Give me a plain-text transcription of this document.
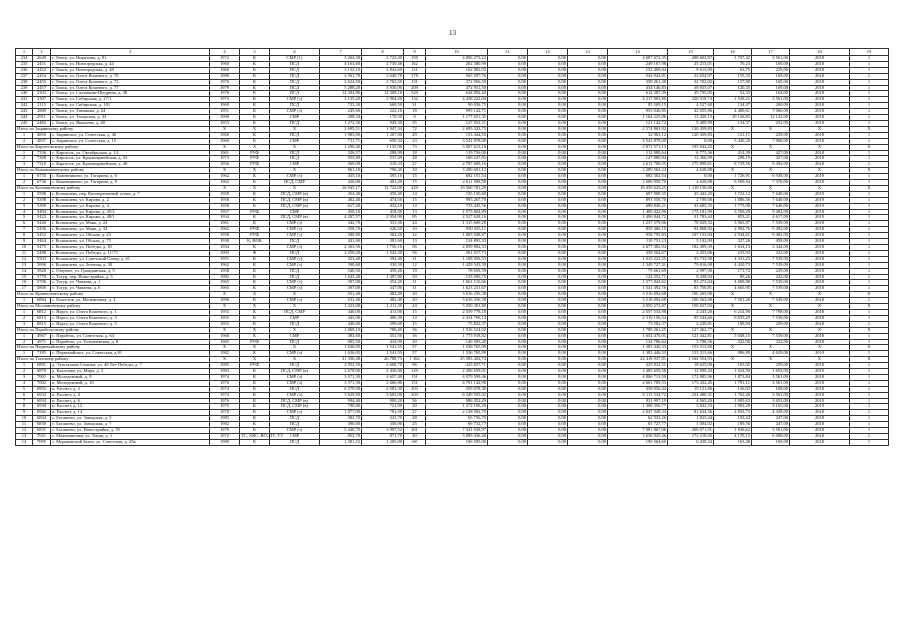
13
1	2	3	4	5	6	7	8	9	10	11	12	13	14	15	16	17	18	19
234	2649	г. Томск, ул. Никитина, д. 81	1972	К	СМР (1)	3 264,30	2 723,40	150	4 896 275,22	0,00	0,00	0,00	4 687 672,35	208 602,87	1 797,42	3 561,00	2018	1
235	2451	г. Томск, ул. Новгородская, д. 44	1960	К	ПСД	4 163,60	2 730,46	162	262 380,99	0,00	0,00	0,00	249 167,98	25 213,01	70,23	169,00	2018	1
236	2452	г. Томск, ул. Новгородская, д. 48	1960	К	ПСД	3 132,10	2 842,60	121	162 082,03	0,00	0,00	0,00	152 469,04	9 613,09	63,75	229,00	2018	1
237	2454	г. Томск, ул. Олега Кошевого, д. 70	1980	К	ПСД	3 561,78	3 640,78	178	565 597,76	0,00	0,00	0,00	542 942,81	22 654,97	155,35	169,00	2018	1
238	2455	г. Томск, ул. Олега Кошевого, д. 73	1976	К	ПСД	2 624,50	2 763,50	131	372 966,50	0,00	0,00	0,00	358 261,48	34 702,02	157,80	169,00	2018	1
239	2457	г. Томск, ул. Олега Кошевого, д. 77	1979	К	ПСД	5 288,20	3 930,00	209	472 951,50	0,00	0,00	0,00	434 146,83	38 835,07	120,35	169,00	2018	1
240	2303	г. Томск, ул. Салтыкова-Щедрина, д. 48	1976	К	ПСД	14 384,80	12 308,10	520	644 092,44	0,00	0,00	0,00	614 387,39	29 705,05	52,33	164,00	2018	1
241	2307	г. Томск, ул. Сибирская, д. 27/1	1973	К	СМР (з)	3 135,20	2 904,20	132	4 438 222,04	0,00	0,00	0,00	4 217 903,80	220 318,74	1 528,21	3 561,00	2018	1
242	2115	г. Томск, ул. Сибирская, д. 101	1960	К	ПСД	723,30	669,50	31	90 036,75	0,00	0,00	0,00	85 509,15	4 527,60	134,47	260,00	2018	1
243	2880	г. Томск, ул. Тимакова, д. 24	1951	К	СМР (з)	245,60	222,10	18	995 142,71	0,00	0,00	0,00	953 046,85	42 055,86	4 480,61	7 066,00	2018	1
244	2911	г. Томск, ул. Татарская, д. 43	1900	К	СМР	208,34	170,50	9	1 177 651,35	0,00	0,00	0,00	1 164 225,86	13 426,15	10 126,83	12 142,00	2018	1
245	2482	г. Томск, ул. Яковлева, д. 48	1953	К	ПСД	1 272,30	949,30	55	127 552,31	0,00	0,00	0,00	121 142,72	9 409,99	134,37	252,00	2018	1
Итого по Зырянскому району			Х	Х	Х	2 695,51	1 947,34	72	2 695 323,75	0,00	0,00	0,00	2 574 863,92	120 459,83	Х	Х	Х	Х
1	4850	с. Зырянское, ул. Советская, д. 40	1968	К	ПСД	1 983,80	1 267,00	49	153 444,55	0,00	0,00	0,00	32 963,12	120 459,83	121,11	229,00	2018	1
2	4837	с. Зырянское, ул. Советская, д. 15	1969	К	СМР	711,71	650,34	23	3 541 878,00	0,00	0,00	0,00	3 541 878,00	0,00	5 446,20	7 066,00	2018	1
Итого по Каргасокскому району			Х	Х	Х	1 290,40	1 135,90	73	3 067 613,10	0,00	0,00	0,00	2 872 571,13	195 042,25	Х	Х	Х	Х
1	7336	с. Каргасок, ул. Октябрьская, д. 14	1961	РУФ	ПСД	326,57	288,99	18	119 756,00	0,00	0,00	0,00	112 980,64	6 775,36	414,39	427,00	2018	1
2	7308	с. Каргасок, ул. Красноармейская, д. 33	1973	РУФ	ПСД	955,89	537,49	28	160 247,83	0,00	0,00	0,00	147 880,84	12 366,99	298,19	427,00	2018	1
3	7310	с. Каргасок, ул. Красноармейская, д. 48	1956	РУФ	СМР	369,09	310,33	27	2 787 609,16	0,00	0,00	0,00	2 611 709,55	175 899,61	8 729,56	9 492,00	2018	1
Итого по Кожевниковскому району			Х	Х	Х	861,10	796,30	30	3 290 691,12	0,00	0,00	0,00	3 289 562,24	4 628,88	Х	Х	Х	Х
1	6735	с. Кожевниково, ул. Гагарина, д. 6	1962	К	СМР (з)	435,10	395,10	15	682 101,54	0,00	0,00	0,00	682 302,54	0,00	1 726,91	6 938,00	2019	1
2	6736	с. Кожевниково, ул. Гагарина, д. 8	1963	К	ПСД, СМР	426,00	401,20	15	2 611 588,58	0,00	0,00	0,00	2 606 959,70	4 628,88	6 509,44	7 376,00	2018	1
Итого по Колпашевскому району			Х	Х	Х	16 945,17	12 722,00	429	19 560 781,29	0,00	0,00	0,00	18 450 625,25	1 110 156,00	Х	Х	Х	Х
1	5598	г. Колпашево, пер. Кооперативный тупик, д. 7	1958	К	ПСД, СМР (в)	454,40	450,40	14	745 150,60	0,00	0,00	0,00	697 908,35	45 442,45	1 722,12	7 640,00	2019	1
2	5398	г. Колпашево, ул. Кирова, д. 2	1958	К	ПСД, СМР (в)	482,40	474,50	15	995 267,70	0,00	0,00	0,00	891 558,70	2 709,00	1 886,36	7 640,00	2019	1
3	5399	г. Колпашево, ул. Кирова, д. 4	1958	К	ПСД, СМР (в)	617,20	432,10	14	733 445,56	0,00	0,00	0,00	689 840,21	43 605,35	1 775,00	7 640,00	2019	1
4	5404	г. Колпашево, ул. Кирова, д. 45/2	1957	РУФ	СМР	450,10	418,30	13	1 575 604,89	0,00	0,00	0,00	1 400 422,90	175 181,99	3 769,29	9 492,00	2018	1
5	5423	г. Колпашево, ул. Кирова, д. 48/1	1934	К	ПСД, СМР (в)	4 287,57	2 954,90	95	2 527 628,16	0,00	0,00	0,00	2 496 844,72	31 783,44	853,21	4 617,00	2019	1
6	5440	г. Колпашево, ул. Маяк, д. 24	1961	К	СМР (з)	342,70	331,50	24	1 315 600,28	0,00	0,00	0,00	1 237 579,06	78 029,32	3 963,87	7 539,00	2018	1
7	5436	г. Колпашево, ул. Маяк, д. 32	1962	РУФ	СМР (з)	358,70	326,50	10	930 335,11	0,00	0,00	0,00	835 466,15	94 868,92	2 902,76	9 492,00	2018	1
8	5452	г. Колпашево, ул. Обская, д. 23	1958	РУФ	СМР (з)	380,80	362,20	12	1 065 948,87	0,00	0,00	0,00	958 795,83	107 153,04	2 944,61	9 482,00	2018	1
9	5464	г. Колпашево, ул. Обская, д. 75	1938	К, НОК	ПСД	441,60	381,60	13	124 893,33	0,00	0,00	0,00	119 751,23	5 102,09	327,26	458,00	2018	1
10	5475	г. Колпашево, ул. Победы, д. 81	1934	К	СМР (з)	2 363,50	1 750,10	56	2 859 882,33	0,00	0,00	0,00	2 677 382,94	182 499,39	1 634,13	3 344,00	2018	1
11	5488	г. Колпашево, ул. Победы, д. 11/73	1993	Ф	ПСД	2 250,20	1 543,30	56	361 017,73	0,00	0,00	0,00	358 564,67	2 453,06	233,93	322,00	2018	1
12	5503	г. Колпашево, ул. Советский Север, д. 61	1951	К	СМР (з)	433,40	394,40	11	1 108 956,53	0,00	0,00	0,00	1 015 222,55	93 733,98	4 331,25	7 539,00	2018	1
13	5696	г. Колпашево, ул. Зеленая, д. 30	1962	К	СМР (з)	390,60	330,50	12	1 429 543,39	0,00	0,00	0,00	1 349 727,31	79 816,08	4 410,73	7 539,00	2018	1
14	5820	с. Озерное, ул. Гражданская, д. 5	1958	К	ПСД	540,50	459,20	19	78 659,59	0,00	0,00	0,00	75 661,69	2 997,90	171,72	229,00	2018	1
15	5778	с. Тогур, пер. Новострийка, д. 5	1982	К	ПСД	1 643,40	1 497,80	50	133 690,75	0,00	0,00	0,00	124 252,71	9 438,04	89,26	242,00	2018	1
16	5796	с. Тогур, ул. Чапаева, д. 1	1965	К	СМР (з)	397,00	354,20	11	1 661 116,66	0,00	0,00	0,00	1 577 844,62	83 272,04	4 689,88	7 539,00	2018	1
17	5800	с. Тогур, ул. Чапаева, д. 6	1965	К	СМР (з)	397,00	347,00	11	1 623 231,67	0,00	0,00	0,00	1 541 492,76	81 750,81	4 665,95	7 539,00	2018	1
Итого по Кривошеинскому району			Х	Х	Х	531,40	482,40	20	3 616 256,38	0,00	0,00	0,00	3 516 092,68	100 263,90	Х	Х	Х	Х
1	6884	с. Белосток, ул. Мельничная, д. 4	1990	К	СМР (з)	531,40	482,40	20	3 616 256,38	0,00	0,00	0,00	3 516 092,68	100 263,90	7 501,26	7 539,00	2018	1
Итого по Молчановскому району			Х	Х	Х	1 323,00	1 211,30	44	5 050 301,80	0,00	0,00	0,00	4 950 273,87	100 027,93	Х	Х	Х	Х
1	6812	с. Нарга, ул. Олега Кошевого, д. 1	1955	К	ПСД, СМР	440,00	411,00	15	2 559 778,18	0,00	0,00	0,00	2 557 534,98	2 243,20	6 214,96	7 798,00	2018	1
2	6813	с. Нарга, ул. Олега Кошевого, д. 3	1955	К	СМР	443,00	400,30	14	2 414 706,14	0,00	0,00	0,00	2 319 156,54	95 544,60	6 035,25	7 539,00	2018	1
3	6815	с. Нарга, ул. Олега Кошевого, д. 5	1955	К	ПСД	440,00	399,60	15	75 822,37	0,00	0,00	0,00	73 582,37	2 239,81	189,84	259,00	2018	1
Итого по Парабельскому району			Х	Х	Х	1 069,10	786,40	36	1 916 524,02	0,00	0,00	0,00	1 789 261,25	127 262,77	Х	Х	Х	Х
1	4967	с. Парабель, ул. Советская, д. 64	1968	К	СМР	383,60	351,50	16	1 775 918,82	0,00	0,00	0,00	1 654 476,01	121 442,81	5 048,15	7 539,00	2018	1
2	4971	с. Парабель, ул. Толмачевская, д. 8	1965	РУФ	ПСД	685,50	434,90	20	140 585,20	0,00	0,00	0,00	134 786,64	5 798,56	322,00	322,00	2018	1
Итого по Первомайскому району			Х	Х	Х	1 636,05	1 541,55	57	1 536 765,99	0,00	0,00	0,00	1 383 446,33	153 313,66	Х	Х	Х	Х
1	7185	с. Первомайское, ул. Советская, д.81	1982	К	СМР (з)	1 636,05	1 541,55	57	1 536 765,99	0,00	0,00	0,00	1 383 446,33	153 313,66	996,89	4 629,00	2019	1
Итого по Томскому району			Х	Х	Х	31 350,48	26 788,73	1 362	25 583 402,74	0,00	0,00	0,00	24 418 937,81	1 164 554,93	Х	Х	Х	Х
1	6891	д. Эушталыне Стошки, ул. 40 Лет Победы, д. 7	1985	РУФ	ПСД	2 952,50	2 668,70	96	425 657,71	0,00	0,00	0,00	425 032,51	18 625,00	165,05	259,00	2018	1
2	6870	д. Кисловка, ул. Мира, д. 3	1983	К	ПСД, СМР (в)	2 678,00	2 436,00	129	2 496 659,01	0,00	0,00	0,00	2 483 659,58	12 999,43	1 024,90	1 655,00	2019	1
3	7001	п. Молодежный, д. 9	1974	К	СМР (з)	3 571,30	2 657,40	151	4 979 599,46	0,00	0,00	0,00	4 806 713,50	172 885,96	1 873,84	3 561,00	2018	1
4	7002	п. Молодежный, д. 10	1976	К	СМР (з)	3 571,30	2 660,80	151	4 791 142,98	0,00	0,00	0,00	4 661 709,53	173 432,45	1 791,11	3 561,00	2018	1
5	6952	п. Рассвет, д. 2	1974	К	ПСД	6 579,90	2 583,30	203	359 078,30	0,00	0,00	0,00	339 956,44	19 121,86	136,03	169,00	2018	1
6	6932	п. Рассвет, д. 4	1974	К	СМР (з)	3 629,80	3 603,00	203	6 349 935,02	0,00	0,00	0,00	6 115 534,72	234 400,31	1 762,40	3 561,00	2018	1
7	6934	п. Рассвет, д. 6	1976	К	ПСД, СМР (в)	994,40	909,20	56	986 452,29	0,00	0,00	0,00	931 997,19	4 565,20	1 095,63	3 653,00	2019	1
8	6939	п. Рассвет, д. 12	1975	К	ПСД, СМР (в)	790,80	721,90	29	1 372 196,20	0,00	0,00	0,00	1 368 356,77	3 842,53	1 903,20	3 165,00	2019	1
9	6942	п. Рассвет, д. 14	1978	К	СМР (з)	1 077,00	781,50	27	2 128 982,70	0,00	0,00	0,00	2 047 348,34	81 634,36	2 833,73	4 328,00	2018	1
10	6834	с. Богашево, ул. Заводская, д. 5	1985	К	ПСД	382,70	341,70	28	65 756,79	0,00	0,00	0,00	62 933,26	1 823,44	192,44	247,00	2018	1
11	6830	с. Богашево, ул. Заводская, д. 7	1982	К	ПСД	396,60	356,90	25	66 732,77	0,00	0,00	0,00	65 727,77	1 004,02	189,56	247,00	2018	1
12	6831	с. Богашево, ул. Новостройка, д. 35	1979	К	СМР (з)	5 440,70	3 997,52	201	7 341 938,97	0,00	0,00	0,00	7 081 867,06	260 071,91	1 836,62	3 561,00	2018	1
13	7021	с. Межениновка, ул. Тихая, д. 1	1972	ТС, ХВС, ВО, ПУ, УУ	СМР	953,70	871,70	40	3 809 436,40	0,00	0,00	0,00	3 636 925,46	172 510,92	4 170,12	6 088,00	2018	1
14	7095	с. Моряковский Затон, ул. Советская, д. 25в	1989	К	ПСД	1 381,53	1 205,00	68	196 595,00	0,00	0,00	0,00	190 564,66	6 430,34	163,48	169,00	2018	1
